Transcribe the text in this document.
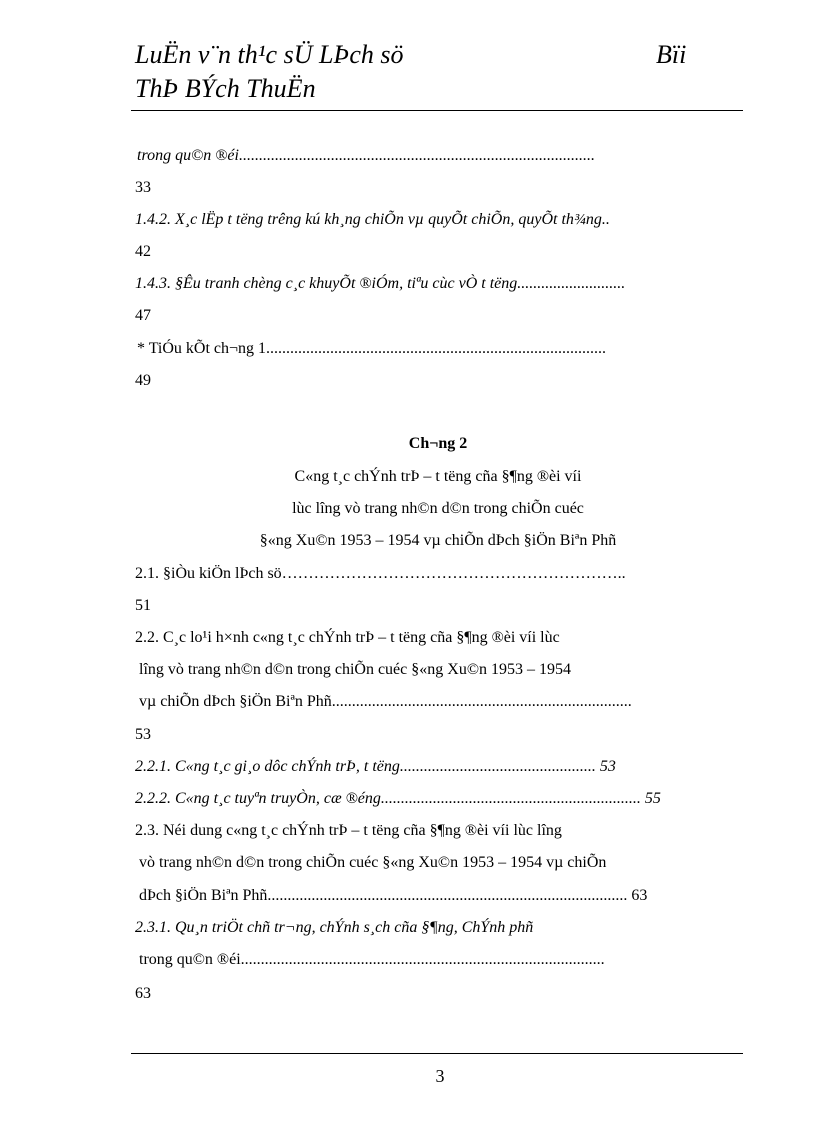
LuËn v¨n th¹c sÜ LÞch sö	Bïi
ThÞ BÝch ThuËn
trong qu©n ®éi.........................................................................................
33
1.4.2. X¸c lËp t tëng trêng kú kh¸ng chiÕn vµ quyÕt chiÕn, quyÕt th¾ng..
42
1.4.3. §Êu tranh chèng c¸c khuyÕt ®iÓm, tiªu cùc vÒ t tëng...........................
47
* TiÓu kÕt ch¬ng 1.....................................................................................
49
Ch¬ng 2
C«ng t¸c chÝnh trÞ – t tëng cña §¶ng ®èi víi
lùc lîng vò trang nh©n d©n trong chiÕn cuéc
§«ng Xu©n 1953 – 1954 vµ chiÕn dÞch §iÖn Biªn Phñ
2.1. §iÒu kiÖn lÞch sö………………………………………………………..
51
2.2. C¸c lo¹i h×nh c«ng t¸c chÝnh trÞ – t tëng cña §¶ng ®èi víi lùc
lîng vò trang nh©n d©n trong chiÕn cuéc §«ng Xu©n 1953 – 1954
vµ chiÕn dÞch §iÖn Biªn Phñ...........................................................................
53
2.2.1. C«ng t¸c gi¸o dôc chÝnh trÞ, t tëng................................................. 53
2.2.2. C«ng t¸c tuyªn truyÒn, cæ ®éng................................................................. 55
2.3. Néi dung c«ng t¸c chÝnh trÞ – t tëng cña §¶ng ®èi víi lùc lîng
vò trang nh©n d©n trong chiÕn cuéc §«ng Xu©n 1953 – 1954 vµ chiÕn
dÞch §iÖn Biªn Phñ.......................................................................................... 63
2.3.1. Qu¸n triÖt chñ tr¬ng, chÝnh s¸ch cña §¶ng, ChÝnh phñ
trong qu©n ®éi...........................................................................................
63
3
